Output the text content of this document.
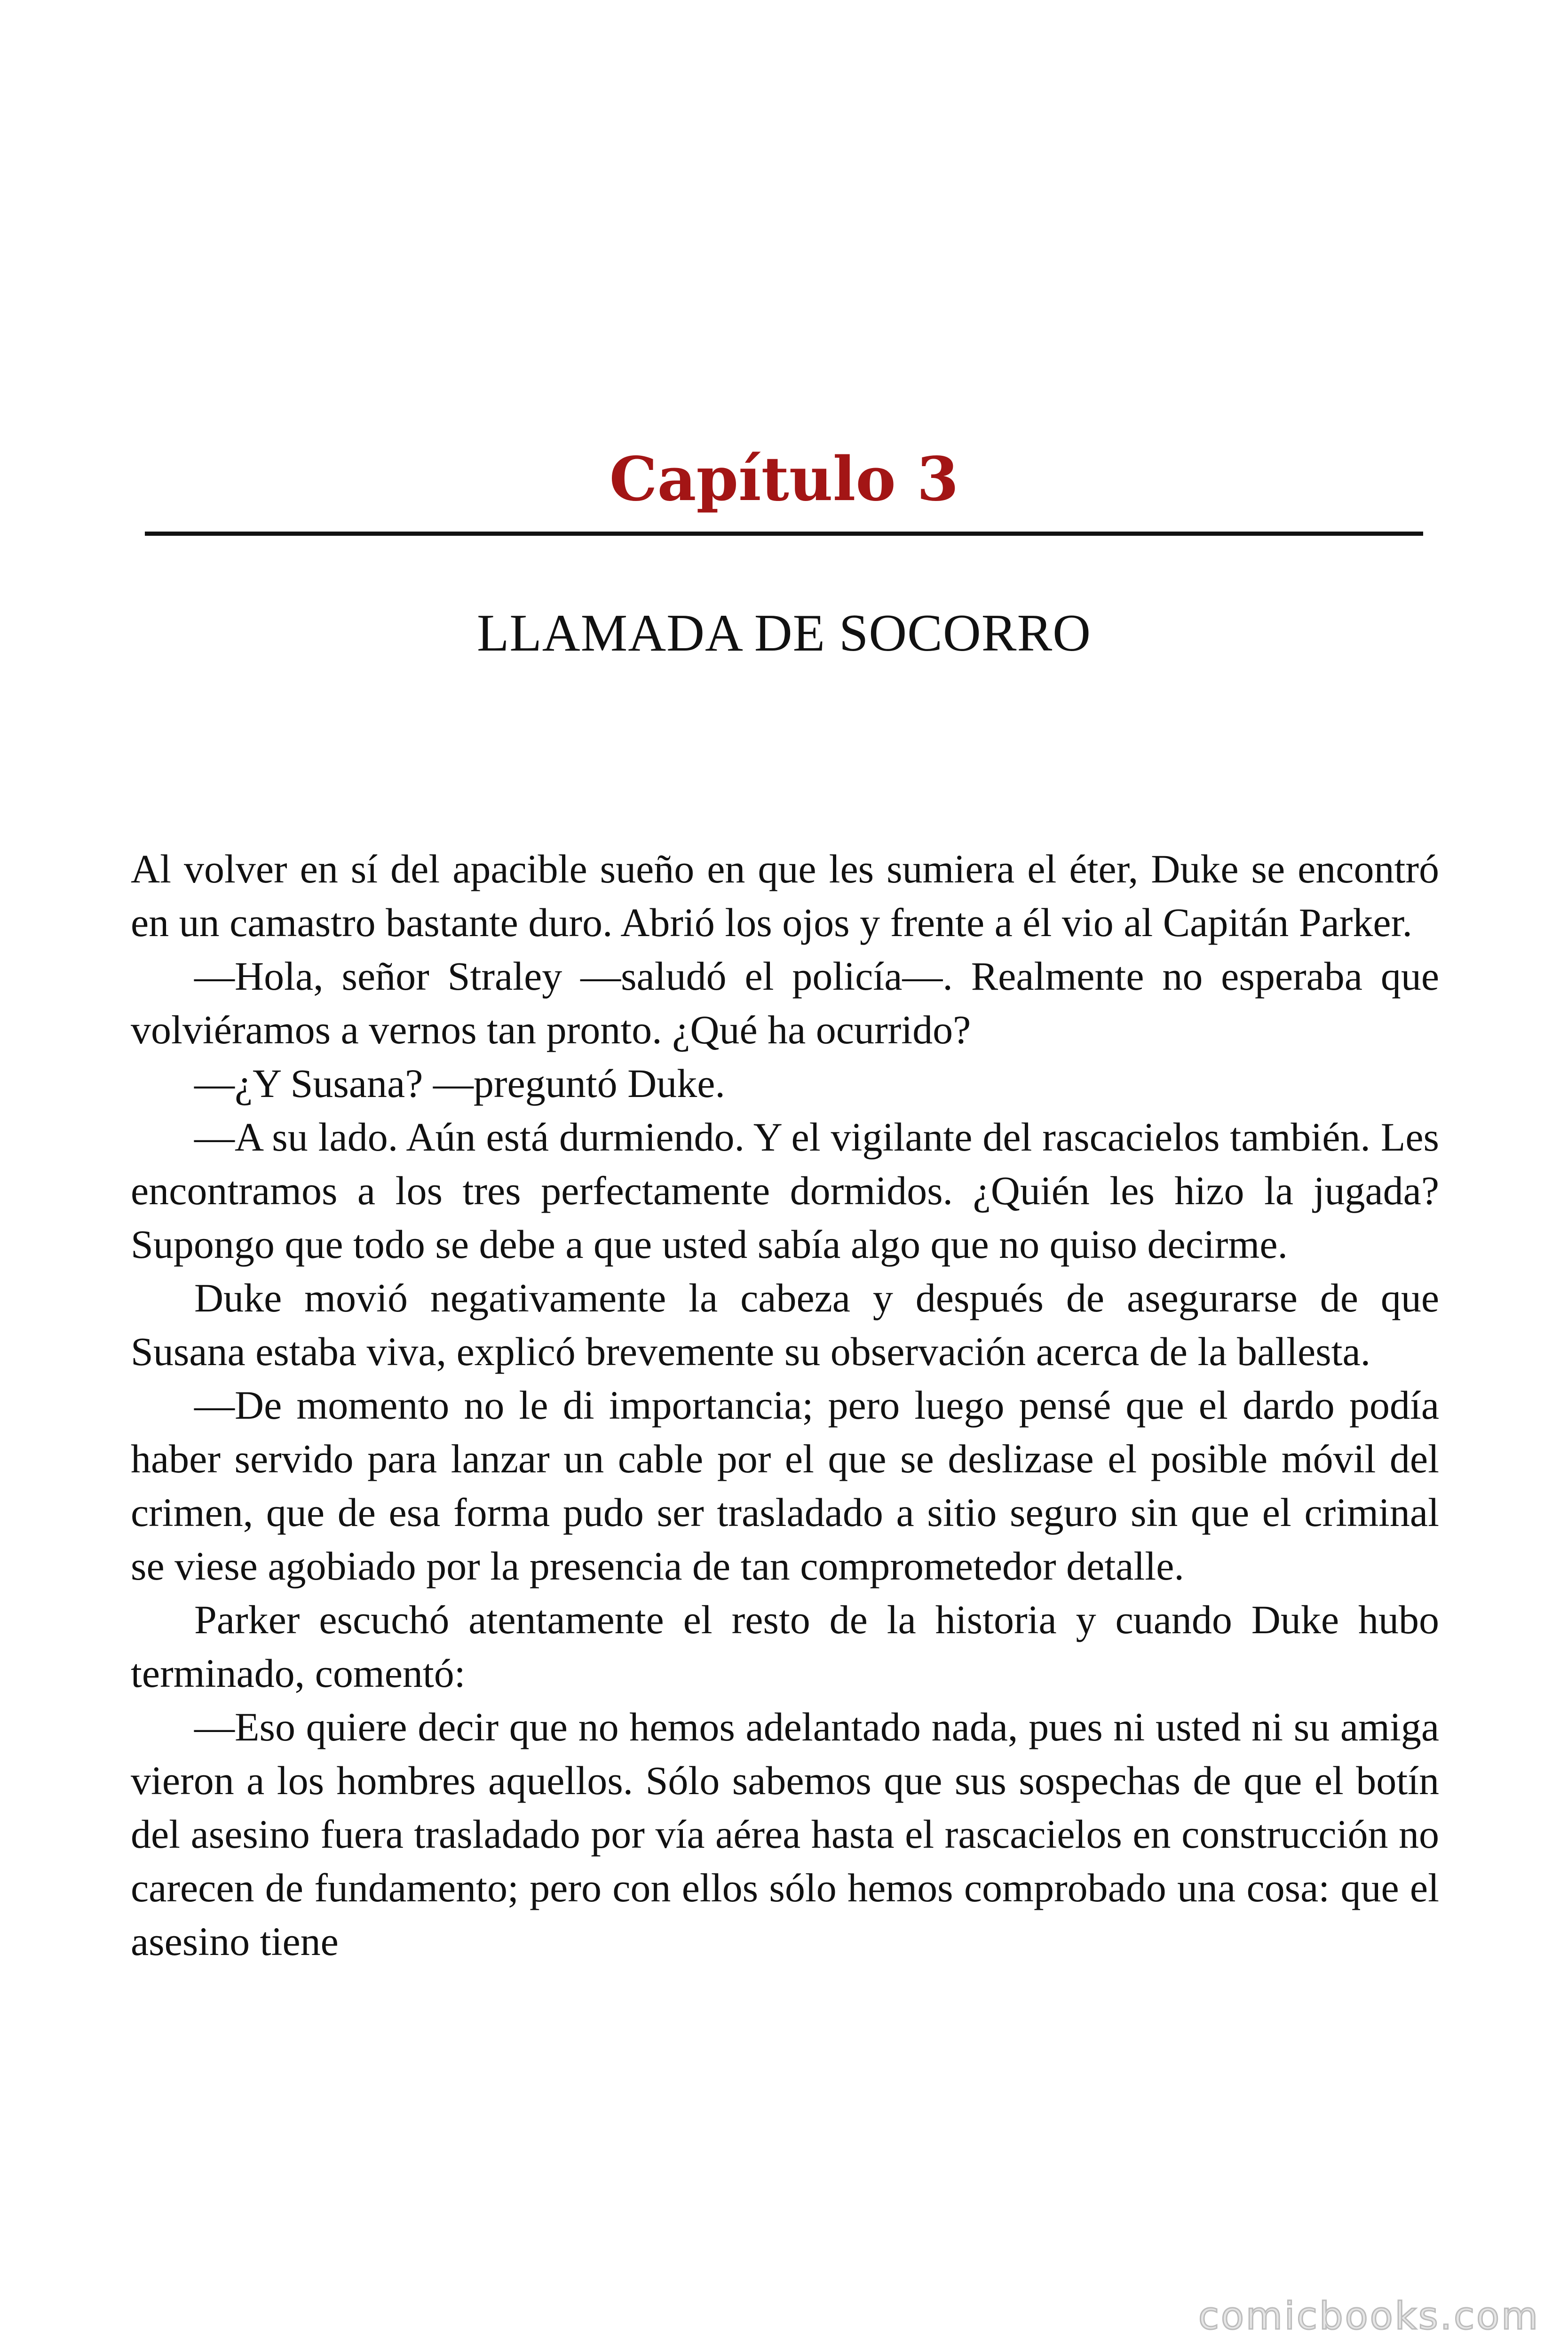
Capítulo 3
LLAMADA DE SOCORRO

Al volver en sí del apacible sueño en que les sumiera el éter, Duke se encontró en un camastro bastante duro. Abrió los ojos y frente a él vio al Capitán Parker.

—Hola, señor Straley —saludó el policía—. Realmente no esperaba que volviéramos a vernos tan pronto. ¿Qué ha ocurrido?

—¿Y Susana? —preguntó Duke.

—A su lado. Aún está durmiendo. Y el vigilante del rascacielos también. Les encontramos a los tres perfectamente dormidos. ¿Quién les hizo la jugada? Supongo que todo se debe a que usted sabía algo que no quiso decirme.

Duke movió negativamente la cabeza y después de asegurarse de que Susana estaba viva, explicó brevemente su observación acerca de la ballesta.

—De momento no le di importancia; pero luego pensé que el dardo podía haber servido para lanzar un cable por el que se deslizase el posible móvil del crimen, que de esa forma pudo ser trasladado a sitio seguro sin que el criminal se viese agobiado por la presencia de tan comprometedor detalle.

Parker escuchó atentamente el resto de la historia y cuando Duke hubo terminado, comentó:

—Eso quiere decir que no hemos adelantado nada, pues ni usted ni su amiga vieron a los hombres aquellos. Sólo sabemos que sus sospechas de que el botín del asesino fuera trasladado por vía aérea hasta el rascacielos en construcción no carecen de fundamento; pero con ellos sólo hemos comprobado una cosa: que el asesino tiene

comicbooks.com
